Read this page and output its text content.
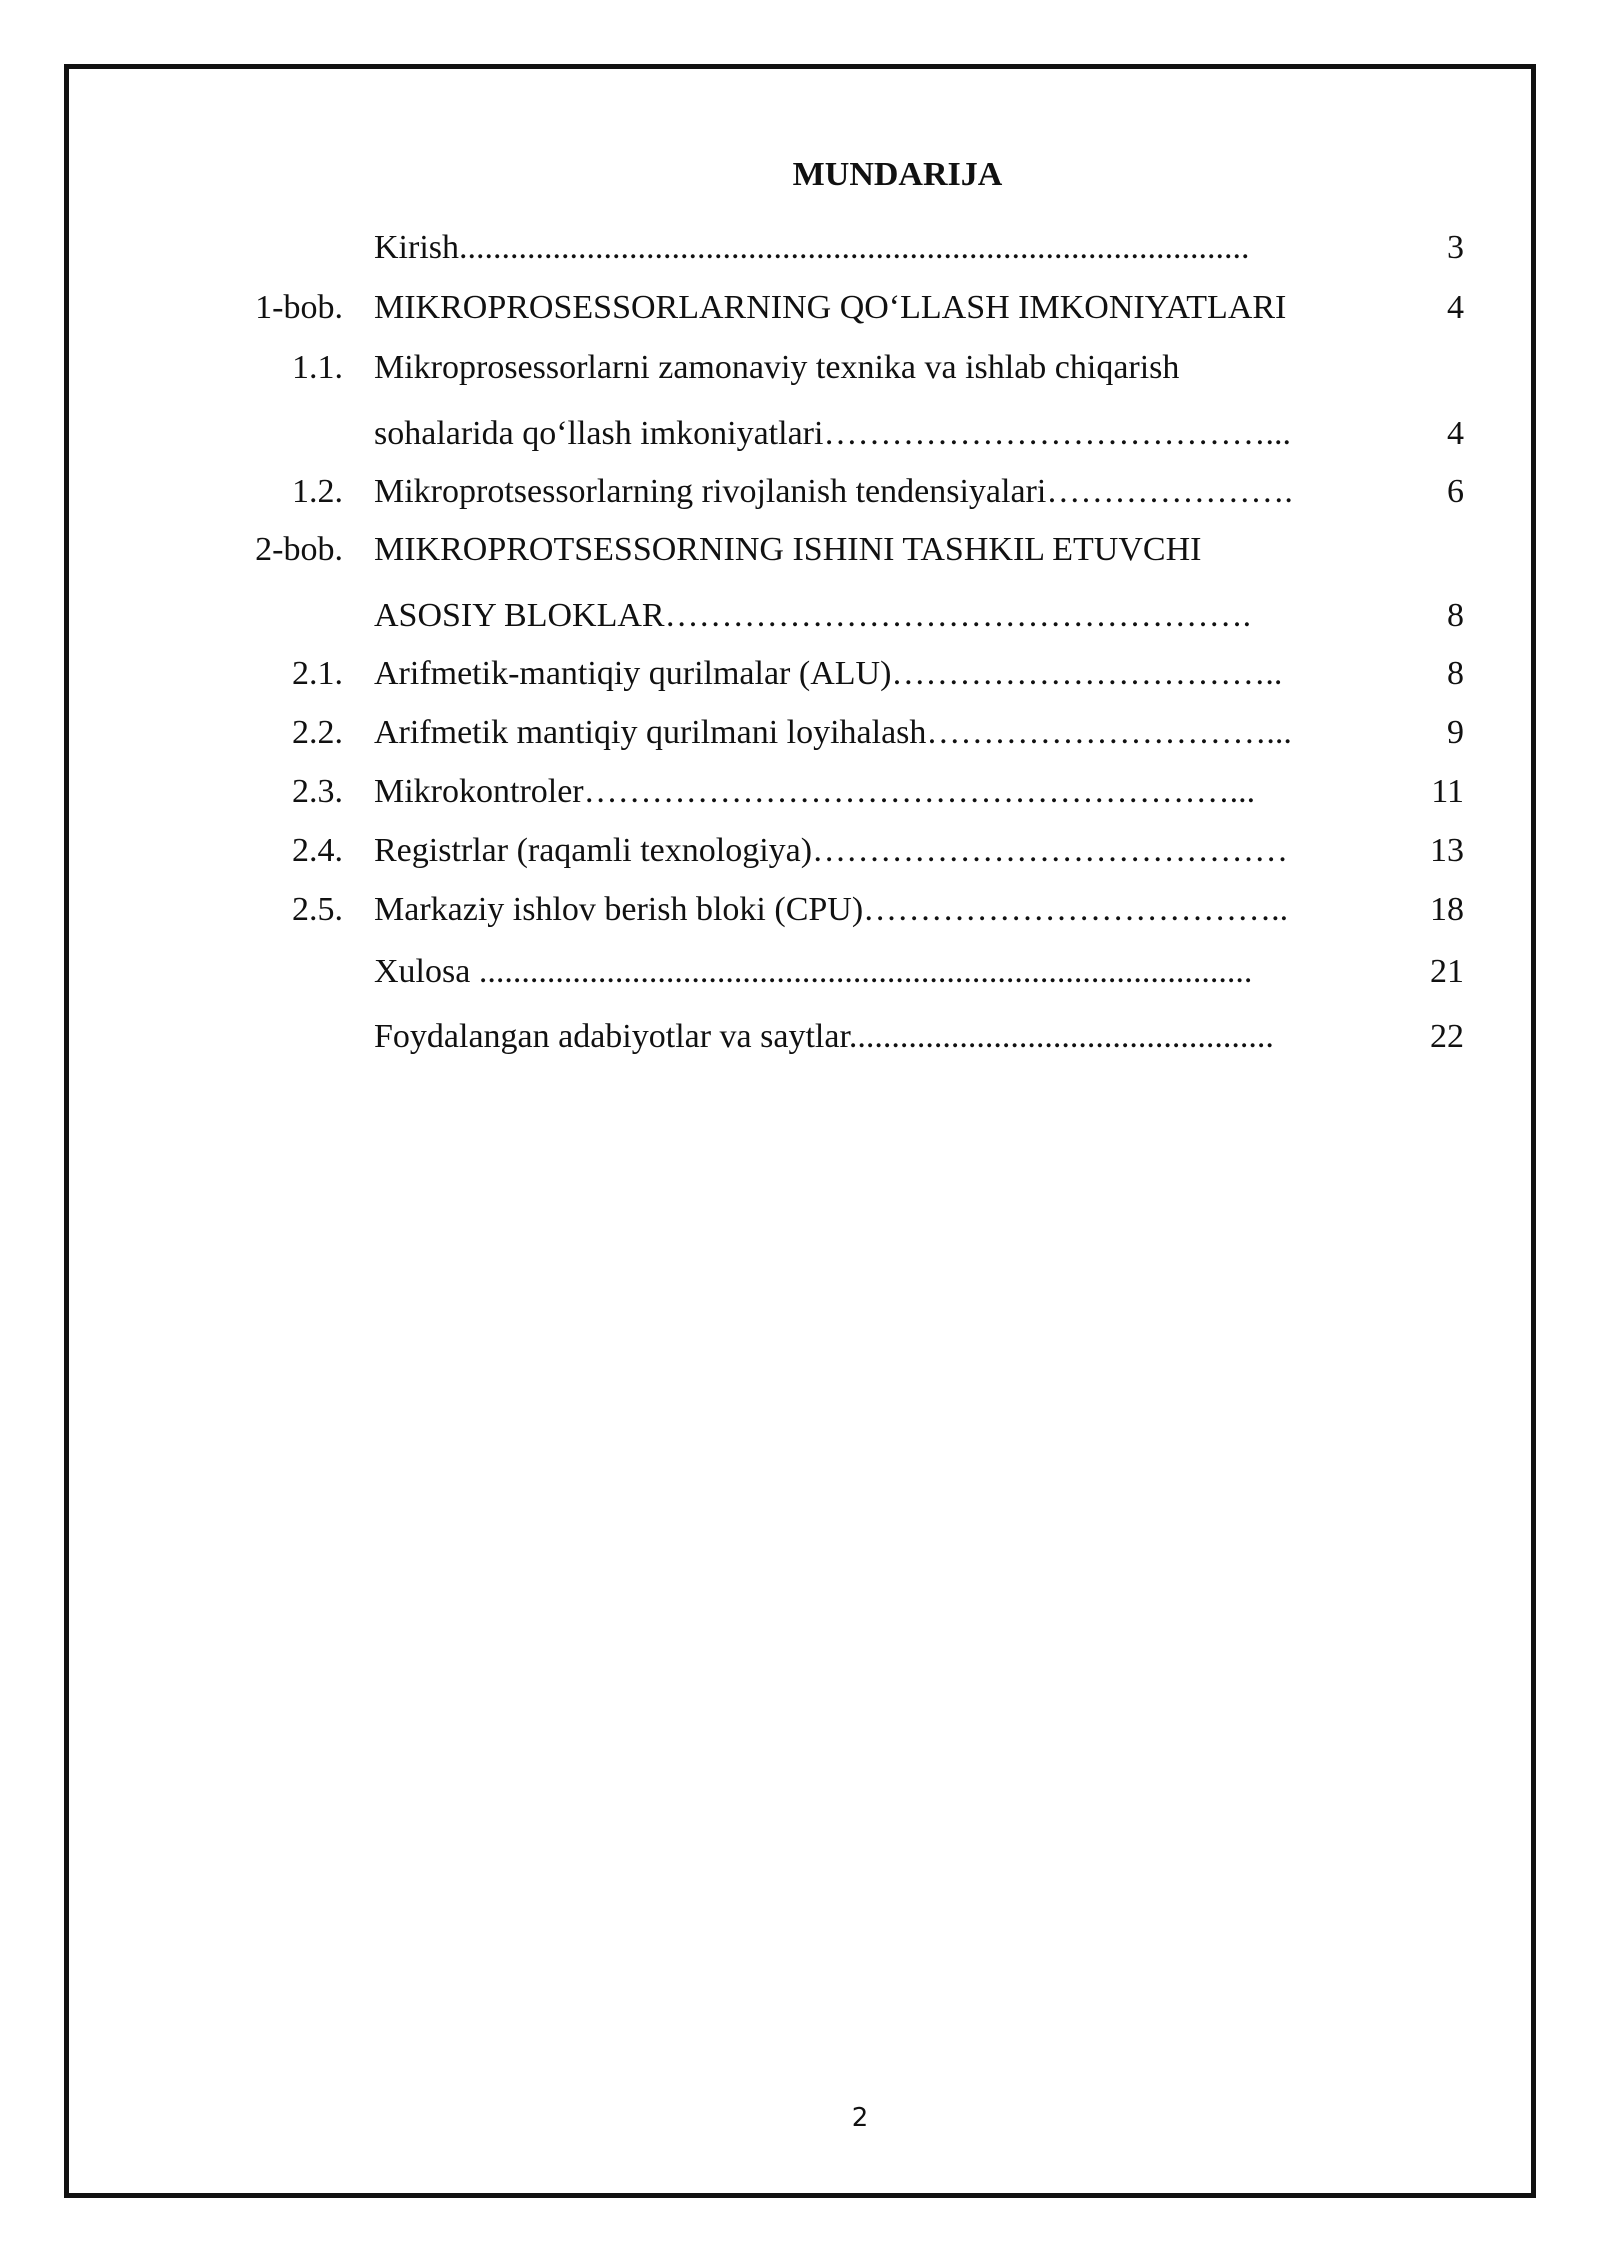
MUNDARIJA
Kirish.............................................................................................	3
1-bob. MIKROPROSESSORLARNING QO‘LLASH IMKONIYATLARI	4
1.1. Mikroprosessorlarni zamonaviy texnika va ishlab chiqarish
sohalarida qo‘llash imkoniyatlari…………………………………...	4
1.2. Mikroprotsessorlarning rivojlanish tendensiyalari………………….	6
2-bob. MIKROPROTSESSORNING ISHINI TASHKIL ETUVCHI
ASOSIY BLOKLAR…………………………………………….	8
2.1. Arifmetik-mantiqiy qurilmalar (ALU)……………………………..	8
2.2. Arifmetik mantiqiy qurilmani loyihalash…………………………...	9
2.3. Mikrokontroler…………………………………………………...	11
2.4. Registrlar (raqamli texnologiya)……………………………………	13
2.5. Markaziy ishlov berish bloki (CPU)………………………………..	18
Xulosa ...........................................................................................	21
Foydalangan adabiyotlar va saytlar..................................................	22
2
